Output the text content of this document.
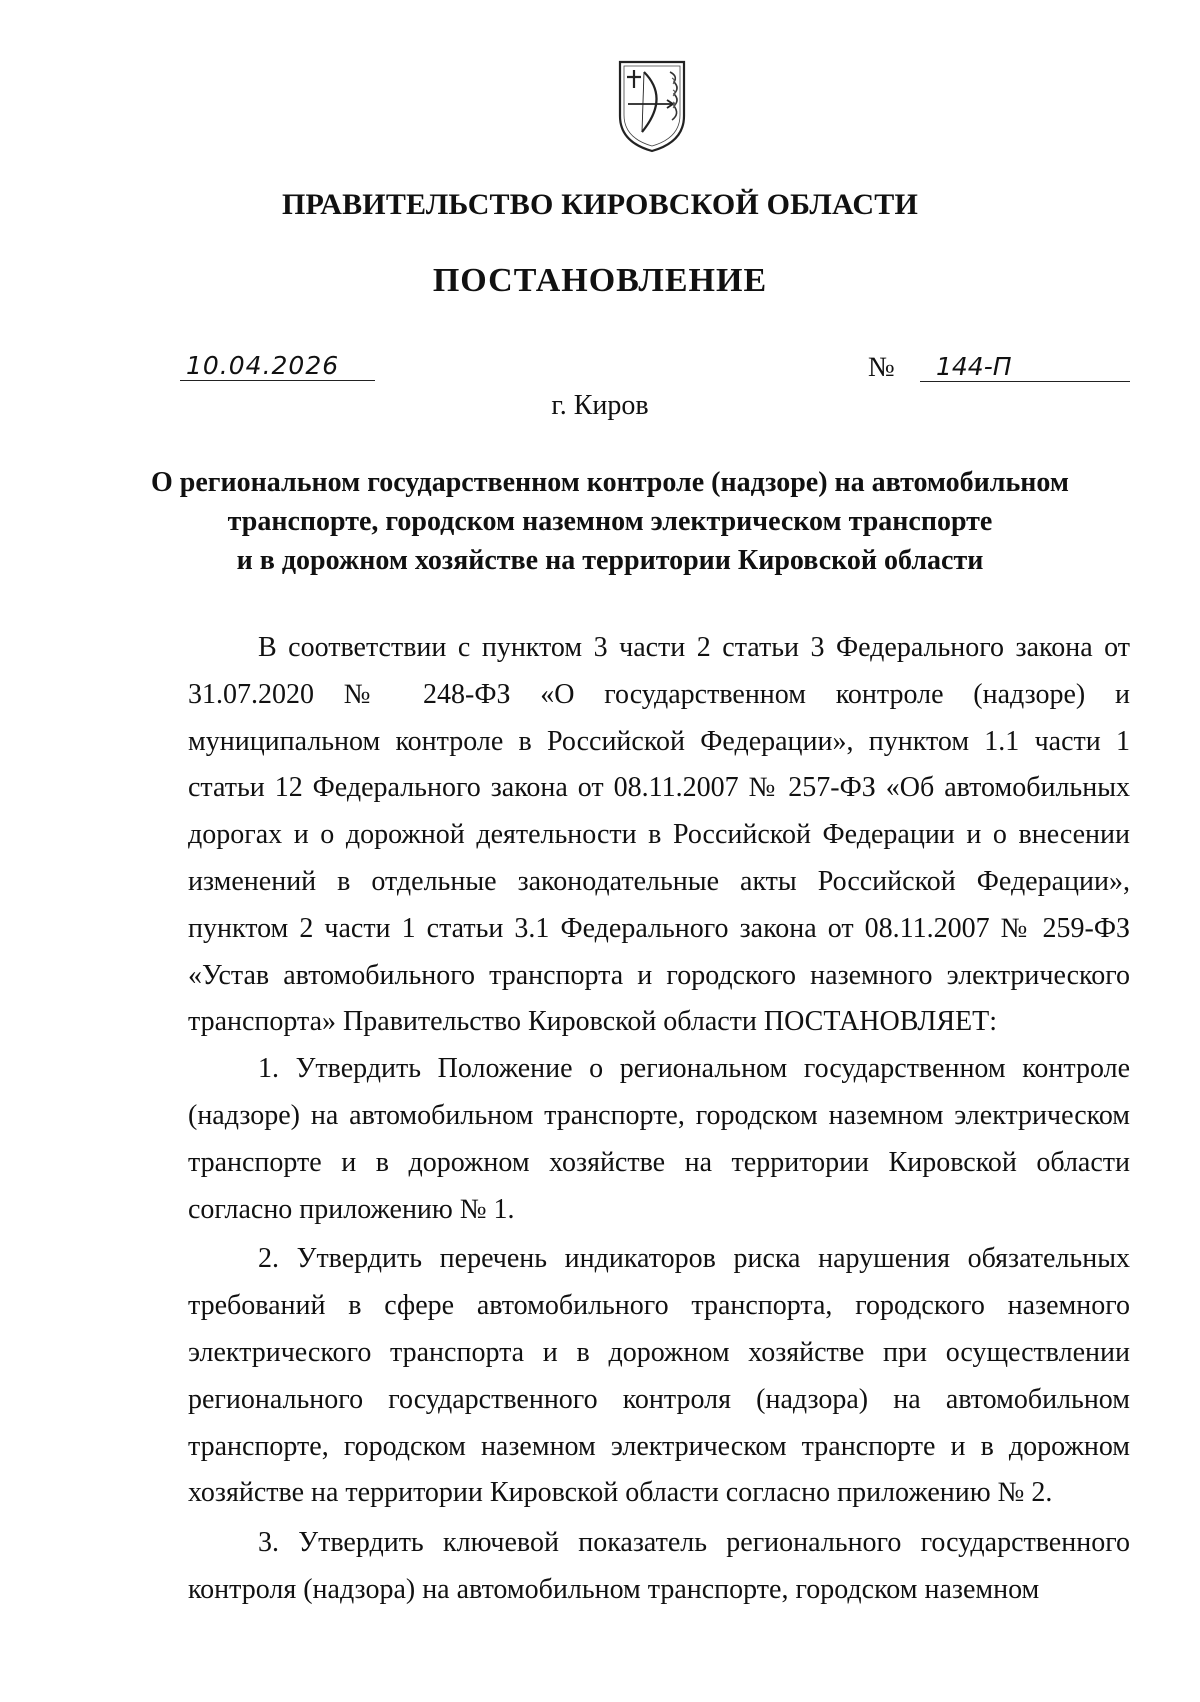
ПРАВИТЕЛЬСТВО КИРОВСКОЙ ОБЛАСТИ
ПОСТАНОВЛЕНИЕ
10.04.2026	№ 144-П
г. Киров
О региональном государственном контроле (надзоре) на автомобильном
транспорте, городском наземном электрическом транспорте
и в дорожном хозяйстве на территории Кировской области

В соответствии с пунктом 3 части 2 статьи 3 Федерального закона от 31.07.2020 № 248-ФЗ «О государственном контроле (надзоре) и муниципальном контроле в Российской Федерации», пунктом 1.1 части 1 статьи 12 Федерального закона от 08.11.2007 № 257-ФЗ «Об автомобильных дорогах и о дорожной деятельности в Российской Федерации и о внесении изменений в отдельные законодательные акты Российской Федерации», пунктом 2 части 1 статьи 3.1 Федерального закона от 08.11.2007 № 259-ФЗ «Устав автомобильного транспорта и городского наземного электрического транспорта» Правительство Кировской области ПОСТАНОВЛЯЕТ:

1. Утвердить Положение о региональном государственном контроле (надзоре) на автомобильном транспорте, городском наземном электрическом транспорте и в дорожном хозяйстве на территории Кировской области согласно приложению № 1.

2. Утвердить перечень индикаторов риска нарушения обязательных требований в сфере автомобильного транспорта, городского наземного электрического транспорта и в дорожном хозяйстве при осуществлении регионального государственного контроля (надзора) на автомобильном транспорте, городском наземном электрическом транспорте и в дорожном хозяйстве на территории Кировской области согласно приложению № 2.

3. Утвердить ключевой показатель регионального государственного контроля (надзора) на автомобильном транспорте, городском наземном
